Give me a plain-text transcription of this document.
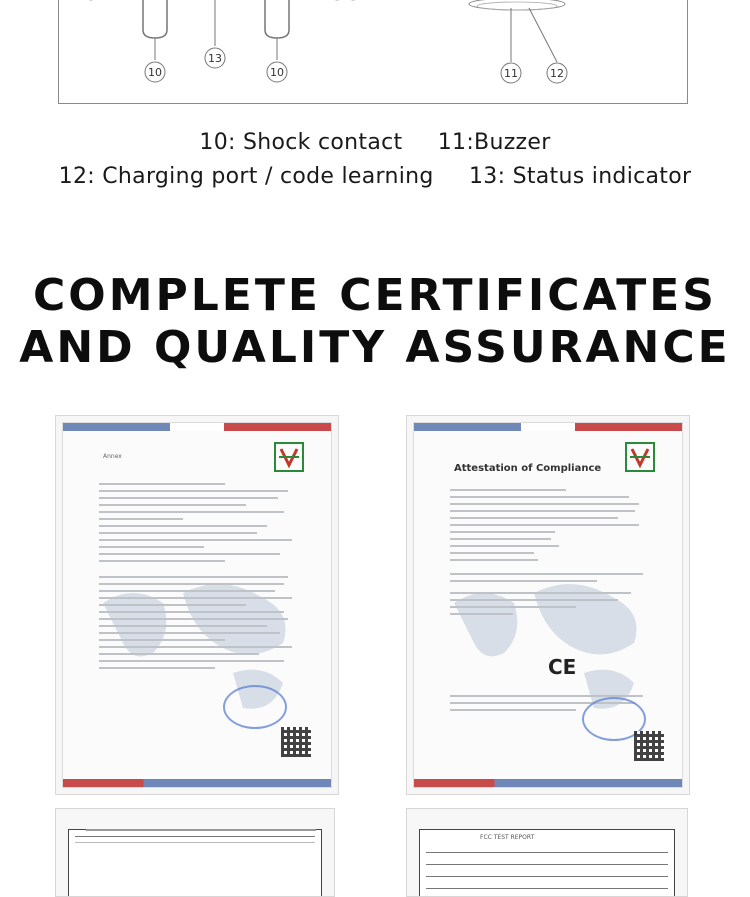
10
13
10	11	12
10: Shock contact 11:Buzzer
12: Charging port / code learning 13: Status indicator
COMPLETE CERTIFICATES
AND QUALITY ASSURANCE
Annex
Attestation of Compliance
CE
FCC TEST REPORT
